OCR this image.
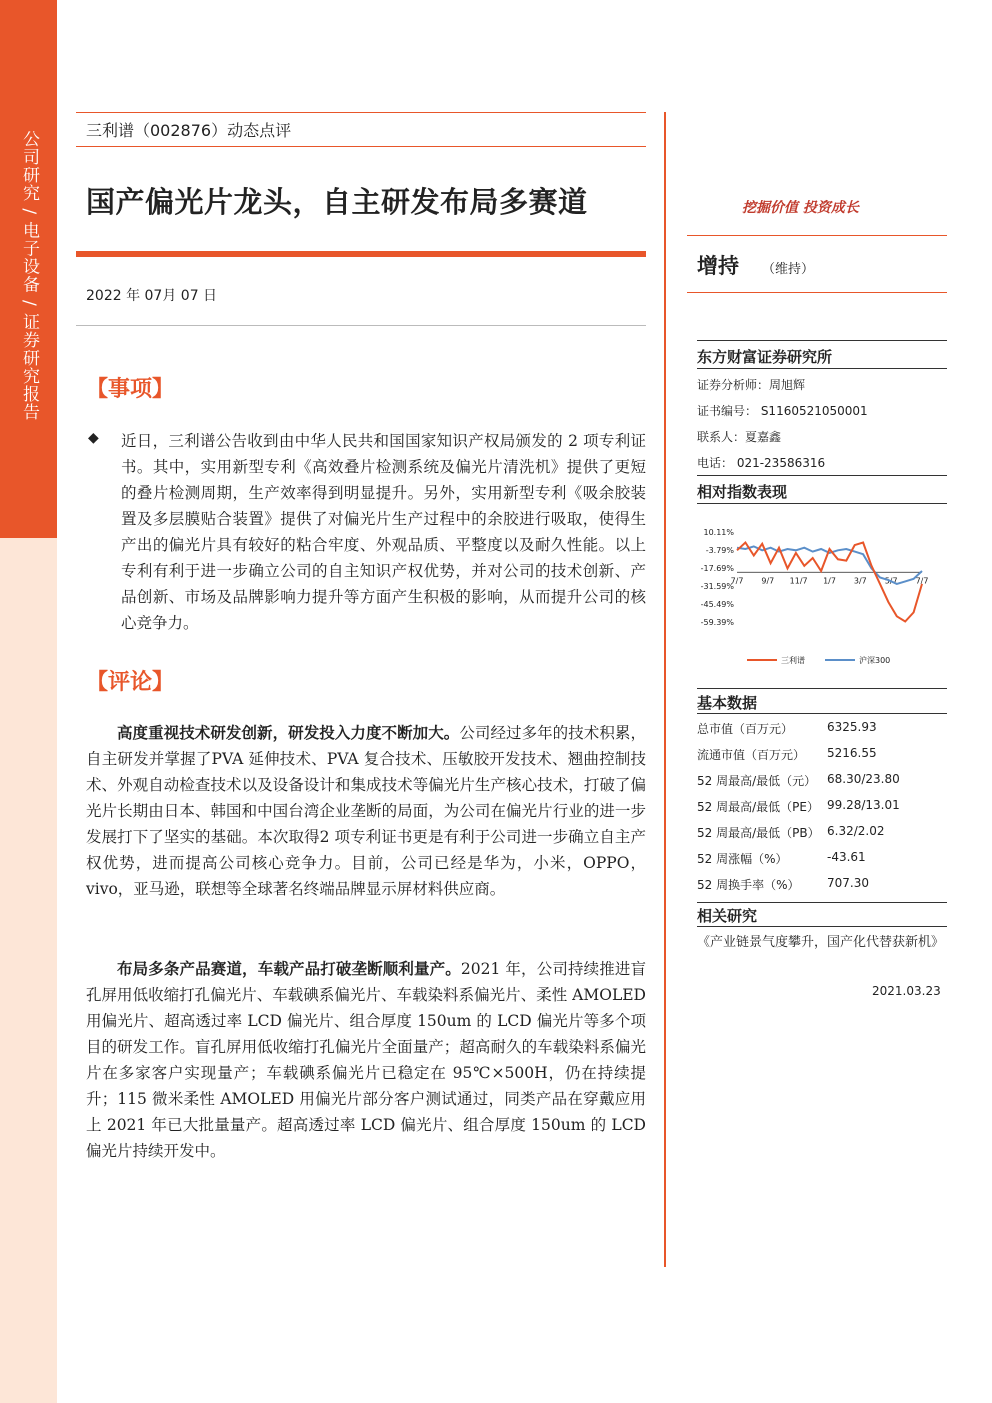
公司研究 / 电子设备 / 证券研究报告	三利谱（002876）动态点评
国产偏光片龙头，自主研发布局多赛道
2022 年 07月 07 日
【事项】
◆ 近日，三利谱公告收到由中华人民共和国国家知识产权局颁发的 2 项专利证书。其中，实用新型专利《高效叠片检测系统及偏光片清洗机》提供了更短的叠片检测周期，生产效率得到明显提升。另外，实用新型专利《吸余胶装置及多层膜贴合装置》提供了对偏光片生产过程中的余胶进行吸取，使得生产出的偏光片具有较好的粘合牢度、外观品质、平整度以及耐久性能。以上专利有利于进一步确立公司的自主知识产权优势，并对公司的技术创新、产品创新、市场及品牌影响力提升等方面产生积极的影响，从而提升公司的核心竞争力。
【评论】
高度重视技术研发创新，研发投入力度不断加大。公司经过多年的技术积累，自主研发并掌握了PVA 延伸技术、PVA 复合技术、压敏胶开发技术、翘曲控制技术、外观自动检查技术以及设备设计和集成技术等偏光片生产核心技术，打破了偏光片长期由日本、韩国和中国台湾企业垄断的局面，为公司在偏光片行业的进一步发展打下了坚实的基础。本次取得2 项专利证书更是有利于公司进一步确立自主产权优势，进而提高公司核心竞争力。目前，公司已经是华为，小米，OPPO，vivo，亚马逊，联想等全球著名终端品牌显示屏材料供应商。
布局多条产品赛道，车载产品打破垄断顺利量产。2021 年，公司持续推进盲孔屏用低收缩打孔偏光片、车载碘系偏光片、车载染料系偏光片、柔性 AMOLED 用偏光片、超高透过率 LCD 偏光片、组合厚度 150um 的 LCD 偏光片等多个项目的研发工作。盲孔屏用低收缩打孔偏光片全面量产；超高耐久的车载染料系偏光片在多家客户实现量产；车载碘系偏光片已稳定在 95℃×500H，仍在持续提升；115 微米柔性 AMOLED 用偏光片部分客户测试通过，同类产品在穿戴应用上 2021 年已大批量量产。超高透过率 LCD 偏光片、组合厚度 150um 的 LCD 偏光片持续开发中。
挖掘价值 投资成长
增持 （维持）
东方财富证券研究所
证券分析师：周旭辉
证书编号： S1160521050001
联系人：夏嘉鑫
电话： 021-23586316
相对指数表现
10.11%
-3.79%
-17.69%
-31.59%
-45.49%
-59.39%
7/7 9/7 11/7 1/7 3/7 5/7 7/7
三利谱	沪深300
基本数据
总市值（百万元）	6325.93
流通市值（百万元） 5216.55
52 周最高/最低（元） 68.30/23.80
52 周最高/最低（PE） 99.28/13.01
52 周最高/最低（PB） 6.32/2.02
52 周涨幅（%）	-43.61
52 周换手率（%） 707.30
相关研究
《产业链景气度攀升，国产化代替获新机》
2021.03.23
